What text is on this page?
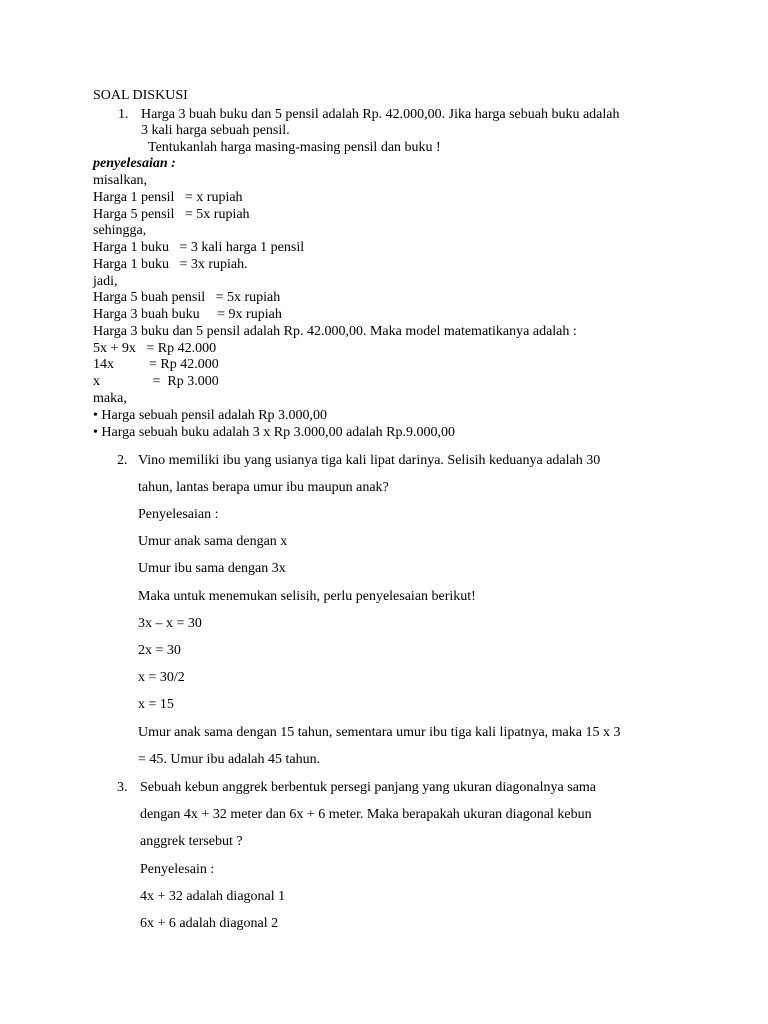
SOAL DISKUSI
1. Harga 3 buah buku dan 5 pensil adalah Rp. 42.000,00. Jika harga sebuah buku adalah
3 kali harga sebuah pensil.
Tentukanlah harga masing-masing pensil dan buku !
penyelesaian :
misalkan,
Harga 1 pensil   = x rupiah
Harga 5 pensil   = 5x rupiah
sehingga,
Harga 1 buku   = 3 kali harga 1 pensil
Harga 1 buku   = 3x rupiah.
jadi,
Harga 5 buah pensil   = 5x rupiah
Harga 3 buah buku     = 9x rupiah
Harga 3 buku dan 5 pensil adalah Rp. 42.000,00. Maka model matematikanya adalah :
5x + 9x   = Rp 42.000
14x          = Rp 42.000
x               =  Rp 3.000
maka,
• Harga sebuah pensil adalah Rp 3.000,00
• Harga sebuah buku adalah 3 x Rp 3.000,00 adalah Rp.9.000,00
2. Vino memiliki ibu yang usianya tiga kali lipat darinya. Selisih keduanya adalah 30
tahun, lantas berapa umur ibu maupun anak?
Penyelesaian :
Umur anak sama dengan x
Umur ibu sama dengan 3x
Maka untuk menemukan selisih, perlu penyelesaian berikut!
3x – x = 30
2x = 30
x = 30/2
x = 15
Umur anak sama dengan 15 tahun, sementara umur ibu tiga kali lipatnya, maka 15 x 3
= 45. Umur ibu adalah 45 tahun.
3. Sebuah kebun anggrek berbentuk persegi panjang yang ukuran diagonalnya sama
dengan 4x + 32 meter dan 6x + 6 meter. Maka berapakah ukuran diagonal kebun
anggrek tersebut ?
Penyelesain :
4x + 32 adalah diagonal 1
6x + 6 adalah diagonal 2
